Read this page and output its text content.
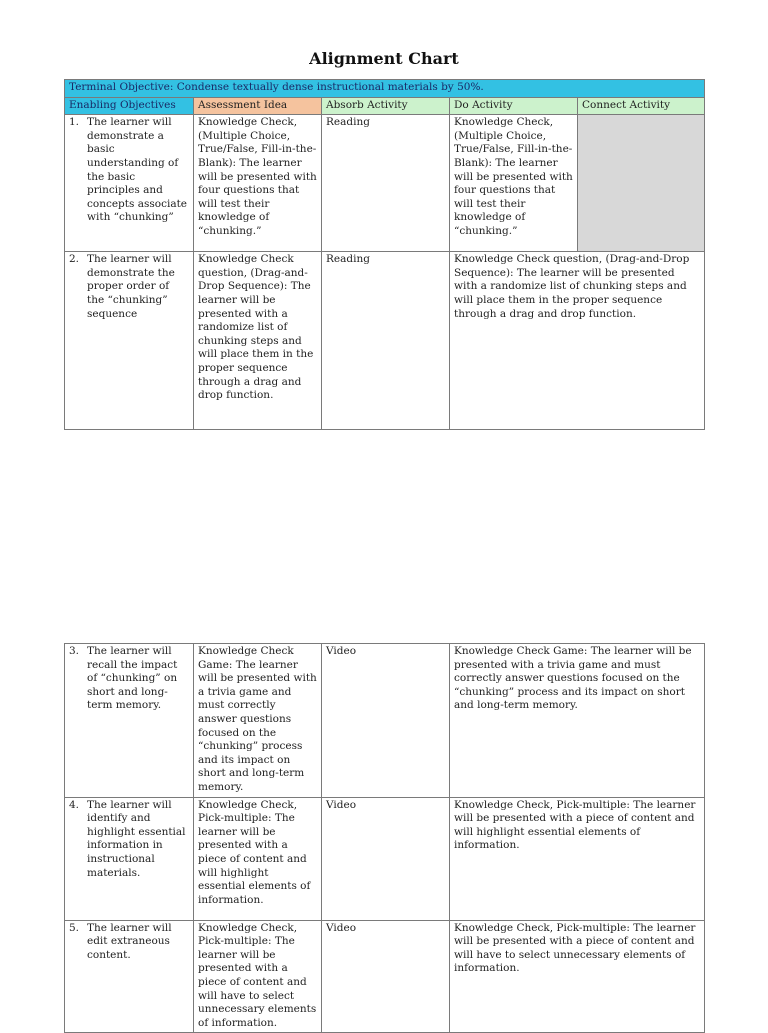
Alignment Chart
Terminal Objective: Condense textually dense instructional materials by 50%.				
Enabling Objectives	Assessment Idea	Absorb Activity	Do Activity	Connect Activity

1. The learner will demonstrate a basic understanding of the basic principles and concepts associate with “chunking”	Knowledge Check, (Multiple Choice, True/False, Fill-in-the-Blank): The learner will be presented with four questions that will test their knowledge of “chunking.”	Reading	Knowledge Check, (Multiple Choice, True/False, Fill-in-the-Blank): The learner will be presented with four questions that will test their knowledge of “chunking.”	

2. The learner will demonstrate the proper order of the “chunking” sequence	Knowledge Check question, (Drag-and-Drop Sequence): The learner will be presented with a randomize list of chunking steps and will place them in the proper sequence through a drag and drop function.	Reading	Knowledge Check question, (Drag-and-Drop Sequence): The learner will be presented with a randomize list of chunking steps and will place them in the proper sequence through a drag and drop function.	
3. The learner will recall the impact of “chunking” on short and long-term memory.	Knowledge Check Game: The learner will be presented with a trivia game and must correctly answer questions focused on the “chunking” process and its impact on short and long-term memory.	Video	Knowledge Check Game: The learner will be presented with a trivia game and must correctly answer questions focused on the “chunking” process and its impact on short and long-term memory.

4. The learner will identify and highlight essential information in instructional materials.	Knowledge Check, Pick-multiple: The learner will be presented with a piece of content and will highlight essential elements of information.	Video	Knowledge Check, Pick-multiple: The learner will be presented with a piece of content and will highlight essential elements of information.

5. The learner will edit extraneous content.	Knowledge Check, Pick-multiple: The learner will be presented with a piece of content and will have to select unnecessary elements of information.	Video	Knowledge Check, Pick-multiple: The learner will be presented with a piece of content and will have to select unnecessary elements of information.
